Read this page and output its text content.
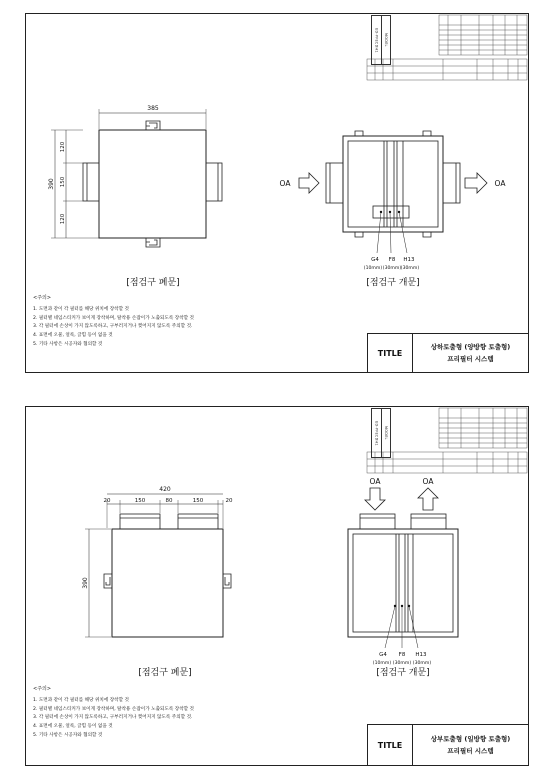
ED-PFECDH1 MODEL
385
390
120
150
120
OA	OA
G4 F8 H13
(10mm) (30mm) (30mm)
[점검구 폐문]	[점검구 개문]
<주의>
1. 도면과 같이 각 필터를 해당 위치에 장착할 것
2. 필터별 네임스티커가 보이게 장착하며, 탈착용 손잡이가 노출되도록 장착할 것
3. 각 필터에 손상이 가지 않도록하고, 구부러지거나 찢어지지 않도록 주의할 것.
4. 표면에 오물, 얼룩, 긁힘 등이 없을 것
5. 기타 사항은 시공자와 협의할 것
TITLE
상하토출형 (양방향 토출형)
프리필터 시스템
ED-PFECDH1 MODEL
420
20	150	80	150	20
390
OA	OA
G4 F8 H13
(10mm) (30mm) (30mm)
[점검구 폐문]	[점검구 개문]
<주의>
1. 도면과 같이 각 필터를 해당 위치에 장착할 것
2. 필터별 네임스티커가 보이게 장착하며, 탈착용 손잡이가 노출되도록 장착할 것
3. 각 필터에 손상이 가지 않도록하고, 구부러지거나 찢어지지 않도록 주의할 것.
4. 표면에 오물, 얼룩, 긁힘 등이 없을 것
5. 기타 사항은 시공자와 협의할 것
TITLE
상부토출형 (일방향 토출형)
프리필터 시스템
